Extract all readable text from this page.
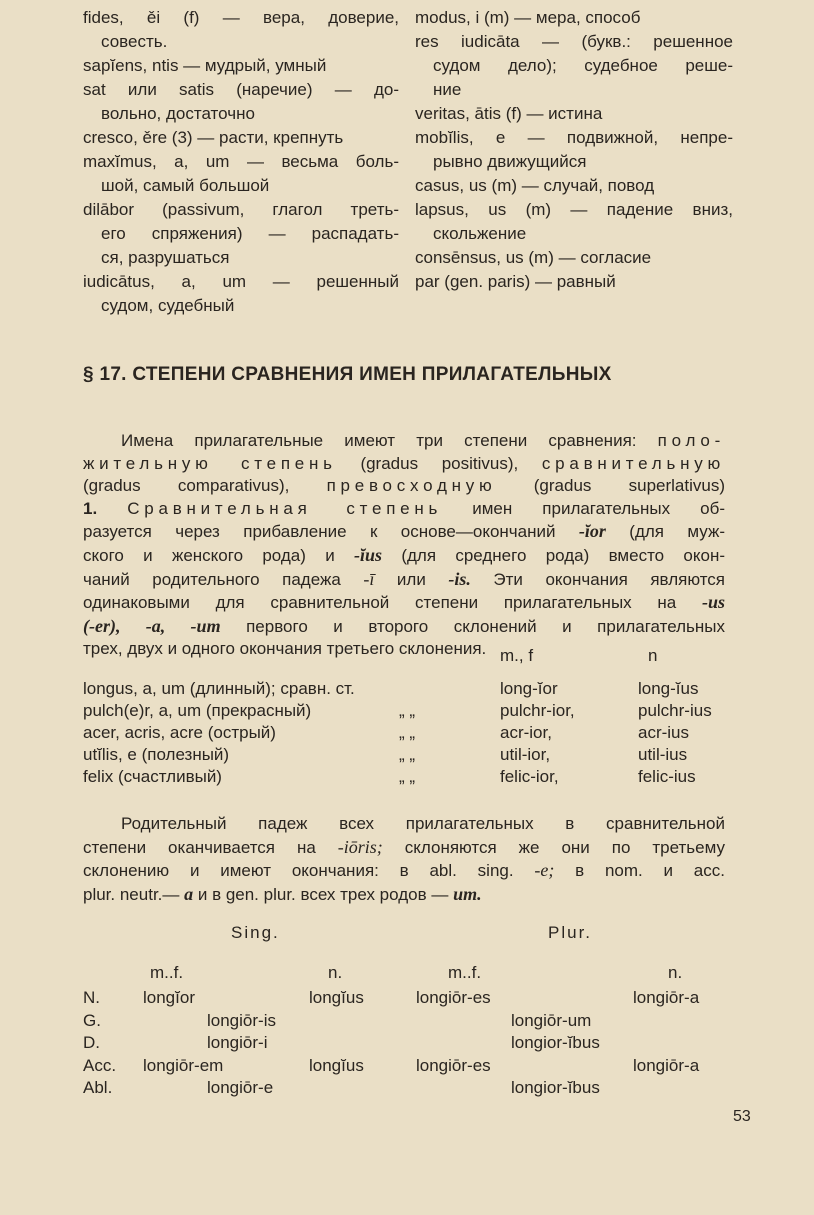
fides, ěi (f) — вера, доверие,
совесть.
sapĭens, ntis — мудрый, умный
sat или satis (наречие) — до-
вольно, достаточно
cresco, ěre (3) — расти, крепнуть
maxĭmus, a, um — весьма боль-
шой, самый большой
dilābor (passivum, глагол треть-
его спряжения) — распадать-
ся, разрушаться
iudicātus, a, um — решенный
судом, судебный
modus, i (m) — мера, способ
res iudicāta — (букв.: решенное
судом дело); судебное реше-
ние
veritas, ātis (f) — истина
mobĭlis, e — подвижной, непре-
рывно движущийся
casus, us (m) — случай, повод
lapsus, us (m) — падение вниз,
скольжение
consēnsus, us (m) — согласие
par (gen. paris) — равный
§ 17. СТЕПЕНИ СРАВНЕНИЯ ИМЕН ПРИЛАГАТЕЛЬНЫХ
Имена прилагательные имеют три степени сравнения: поло-
жительную степень (gradus positivus), сравнительную
(gradus comparativus), превосходную (gradus superlativus)
1. Сравнительная степень имен прилагательных об-
разуется через прибавление к основе—окончаний -ĭor (для муж-
ского и женского рода) и -ĭus (для среднего рода) вместо окон-
чаний родительного падежа -ī или -is. Эти окончания являются
одинаковыми для сравнительной степени прилагательных на -us
(-er), -a, -um первого и второго склонений и прилагательных
трех, двух и одного окончания третьего склонения. m., f	n
longus, a, um (длинный); сравн. ст.	long-ĭor	long-ĭus
pulch(e)r, a, um (прекрасный)	„ „	pulchr-ior,	pulchr-ius
acer, acris, acre (острый)	„ „	acr-ior,	acr-ius
utĭlis, e (полезный)	„ „	util-ior,	util-ius
felix (счастливый)	„ „	felic-ior,	felic-ius
Родительный падеж всех прилагательных в сравнительной
степени оканчивается на -iōris; склоняются же они по третьему
склонению и имеют окончания: в abl. sing. -e; в nom. и acc.
plur. neutr.— a и в gen. plur. всех трех родов — um.
Sing.	Plur.
m..f.	n.	m..f.	n.
N.	longĭor	longĭus	longiōr-es	longiōr-a
G.	longiōr-is	longiōr-um
D.	longiōr-i	longior-ĭbus
Acc. longiōr-em	longĭus	longiōr-es	longiōr-a
Abl.	longiōr-e	longior-ĭbus
53
